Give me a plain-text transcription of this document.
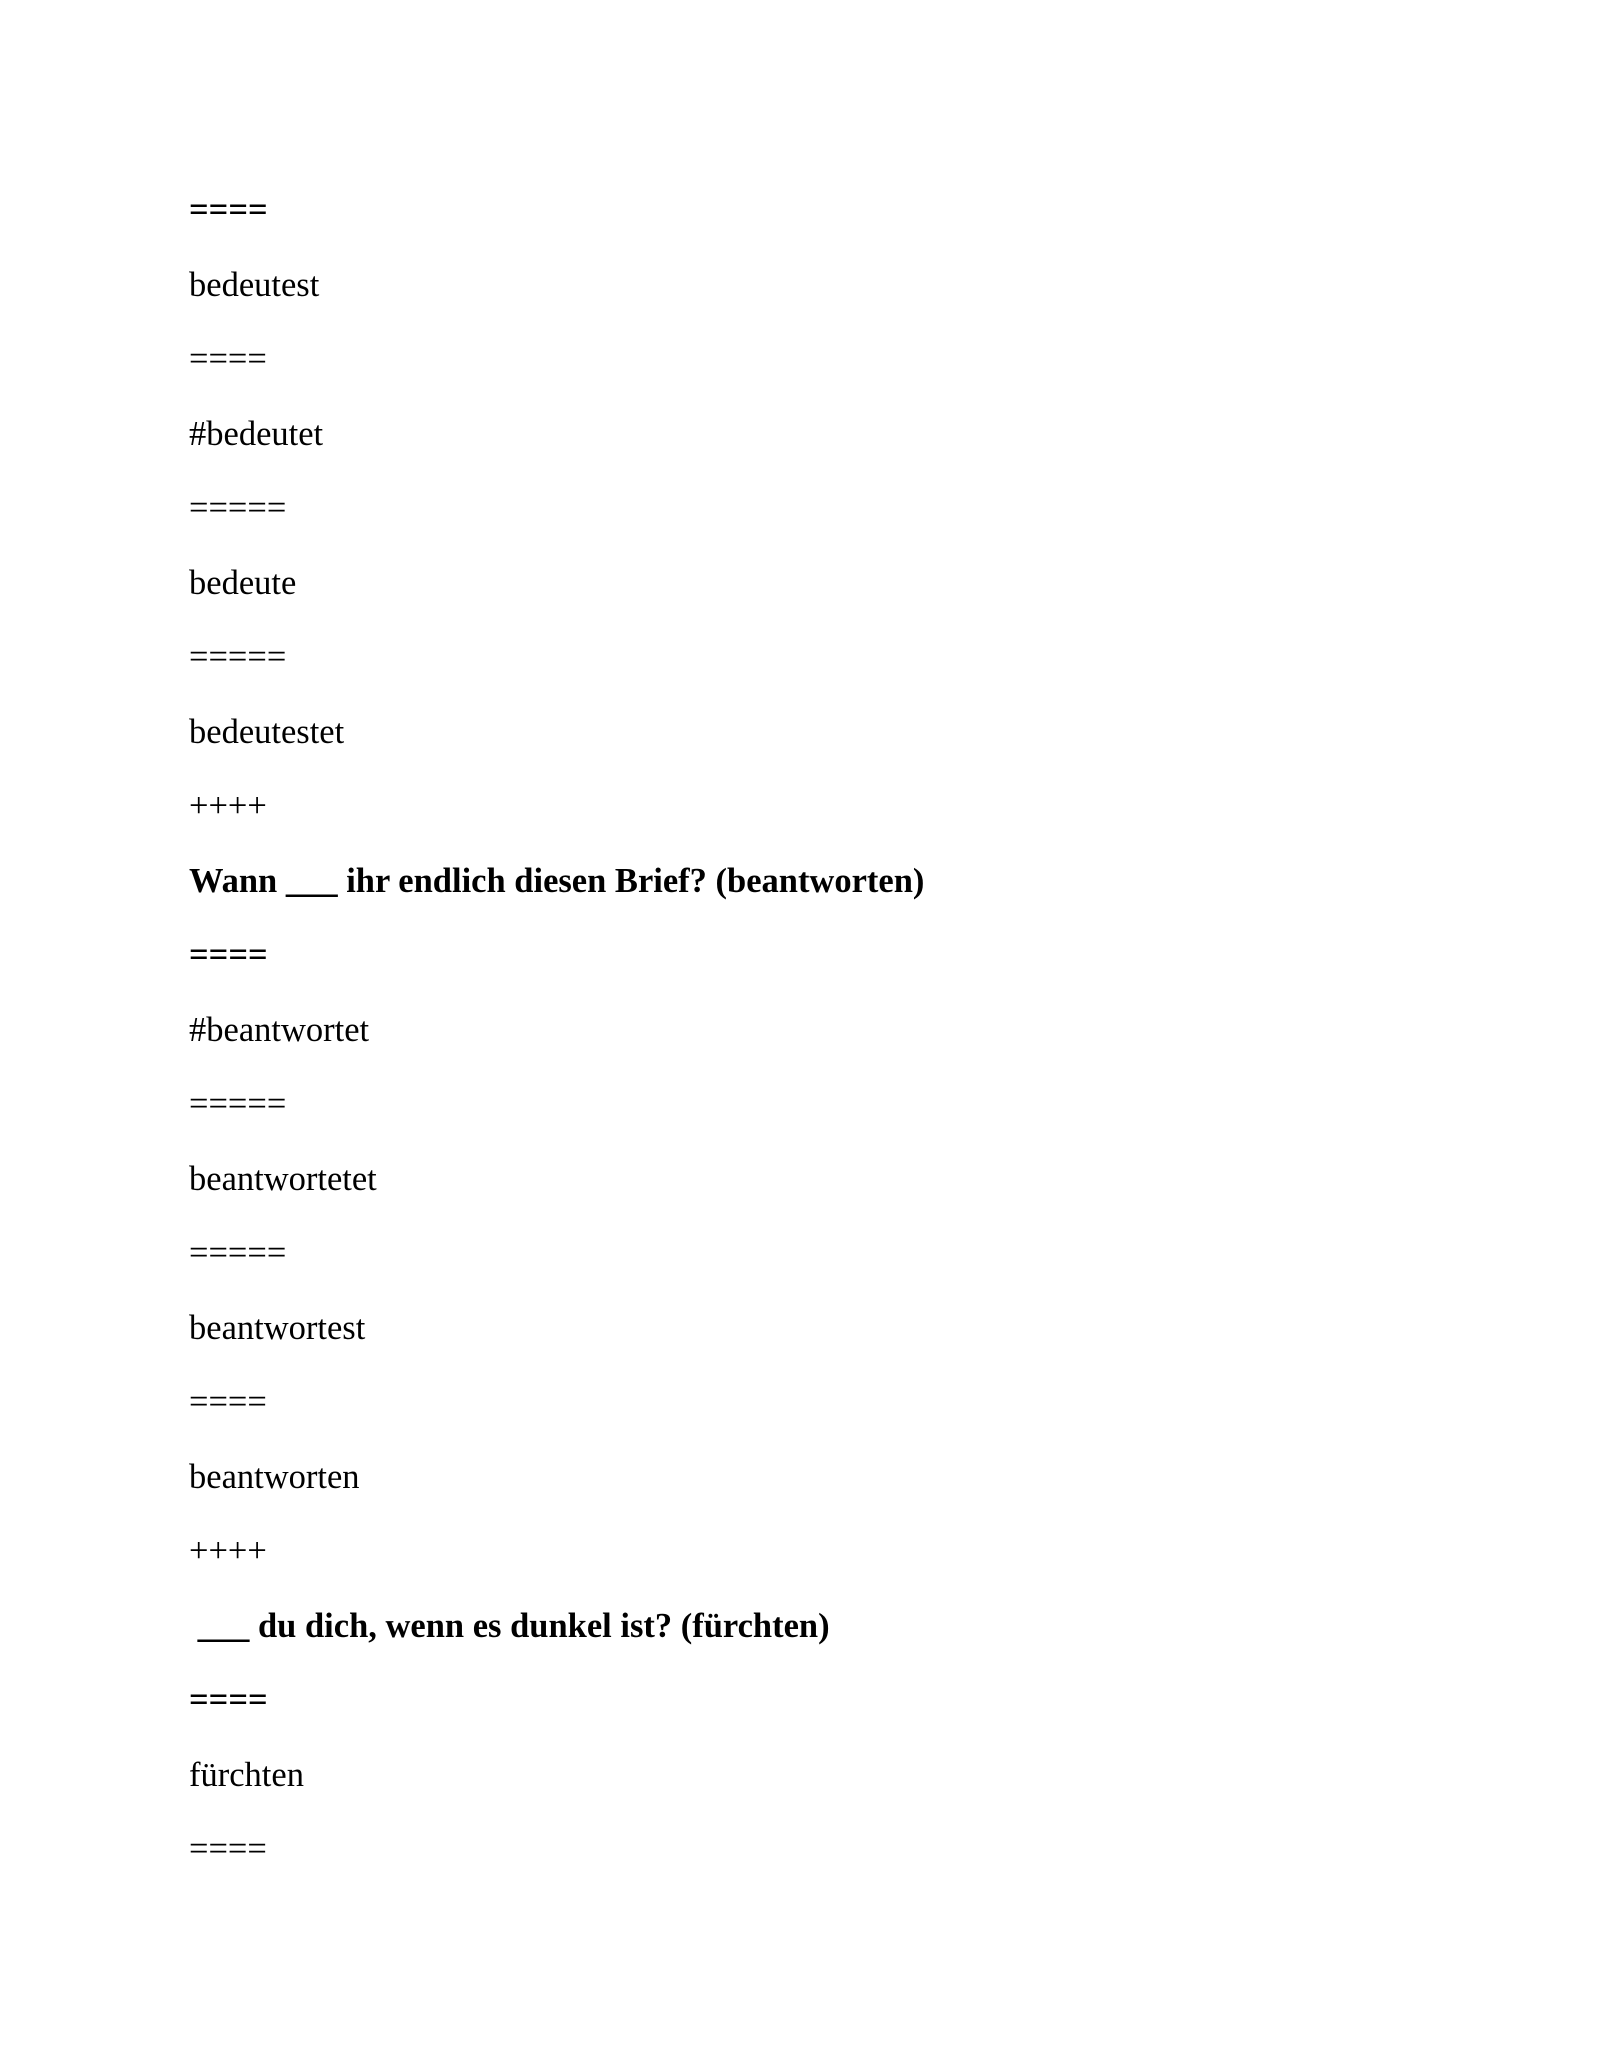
====
bedeutest
====
#bedeutet
=====
bedeute
=====
bedeutestet
++++
Wann ___ ihr endlich diesen Brief? (beantworten)
====
#beantwortet
=====
beantwortetet
=====
beantwortest
====
beantworten
++++
___ du dich, wenn es dunkel ist? (fürchten)
====
fürchten
====
